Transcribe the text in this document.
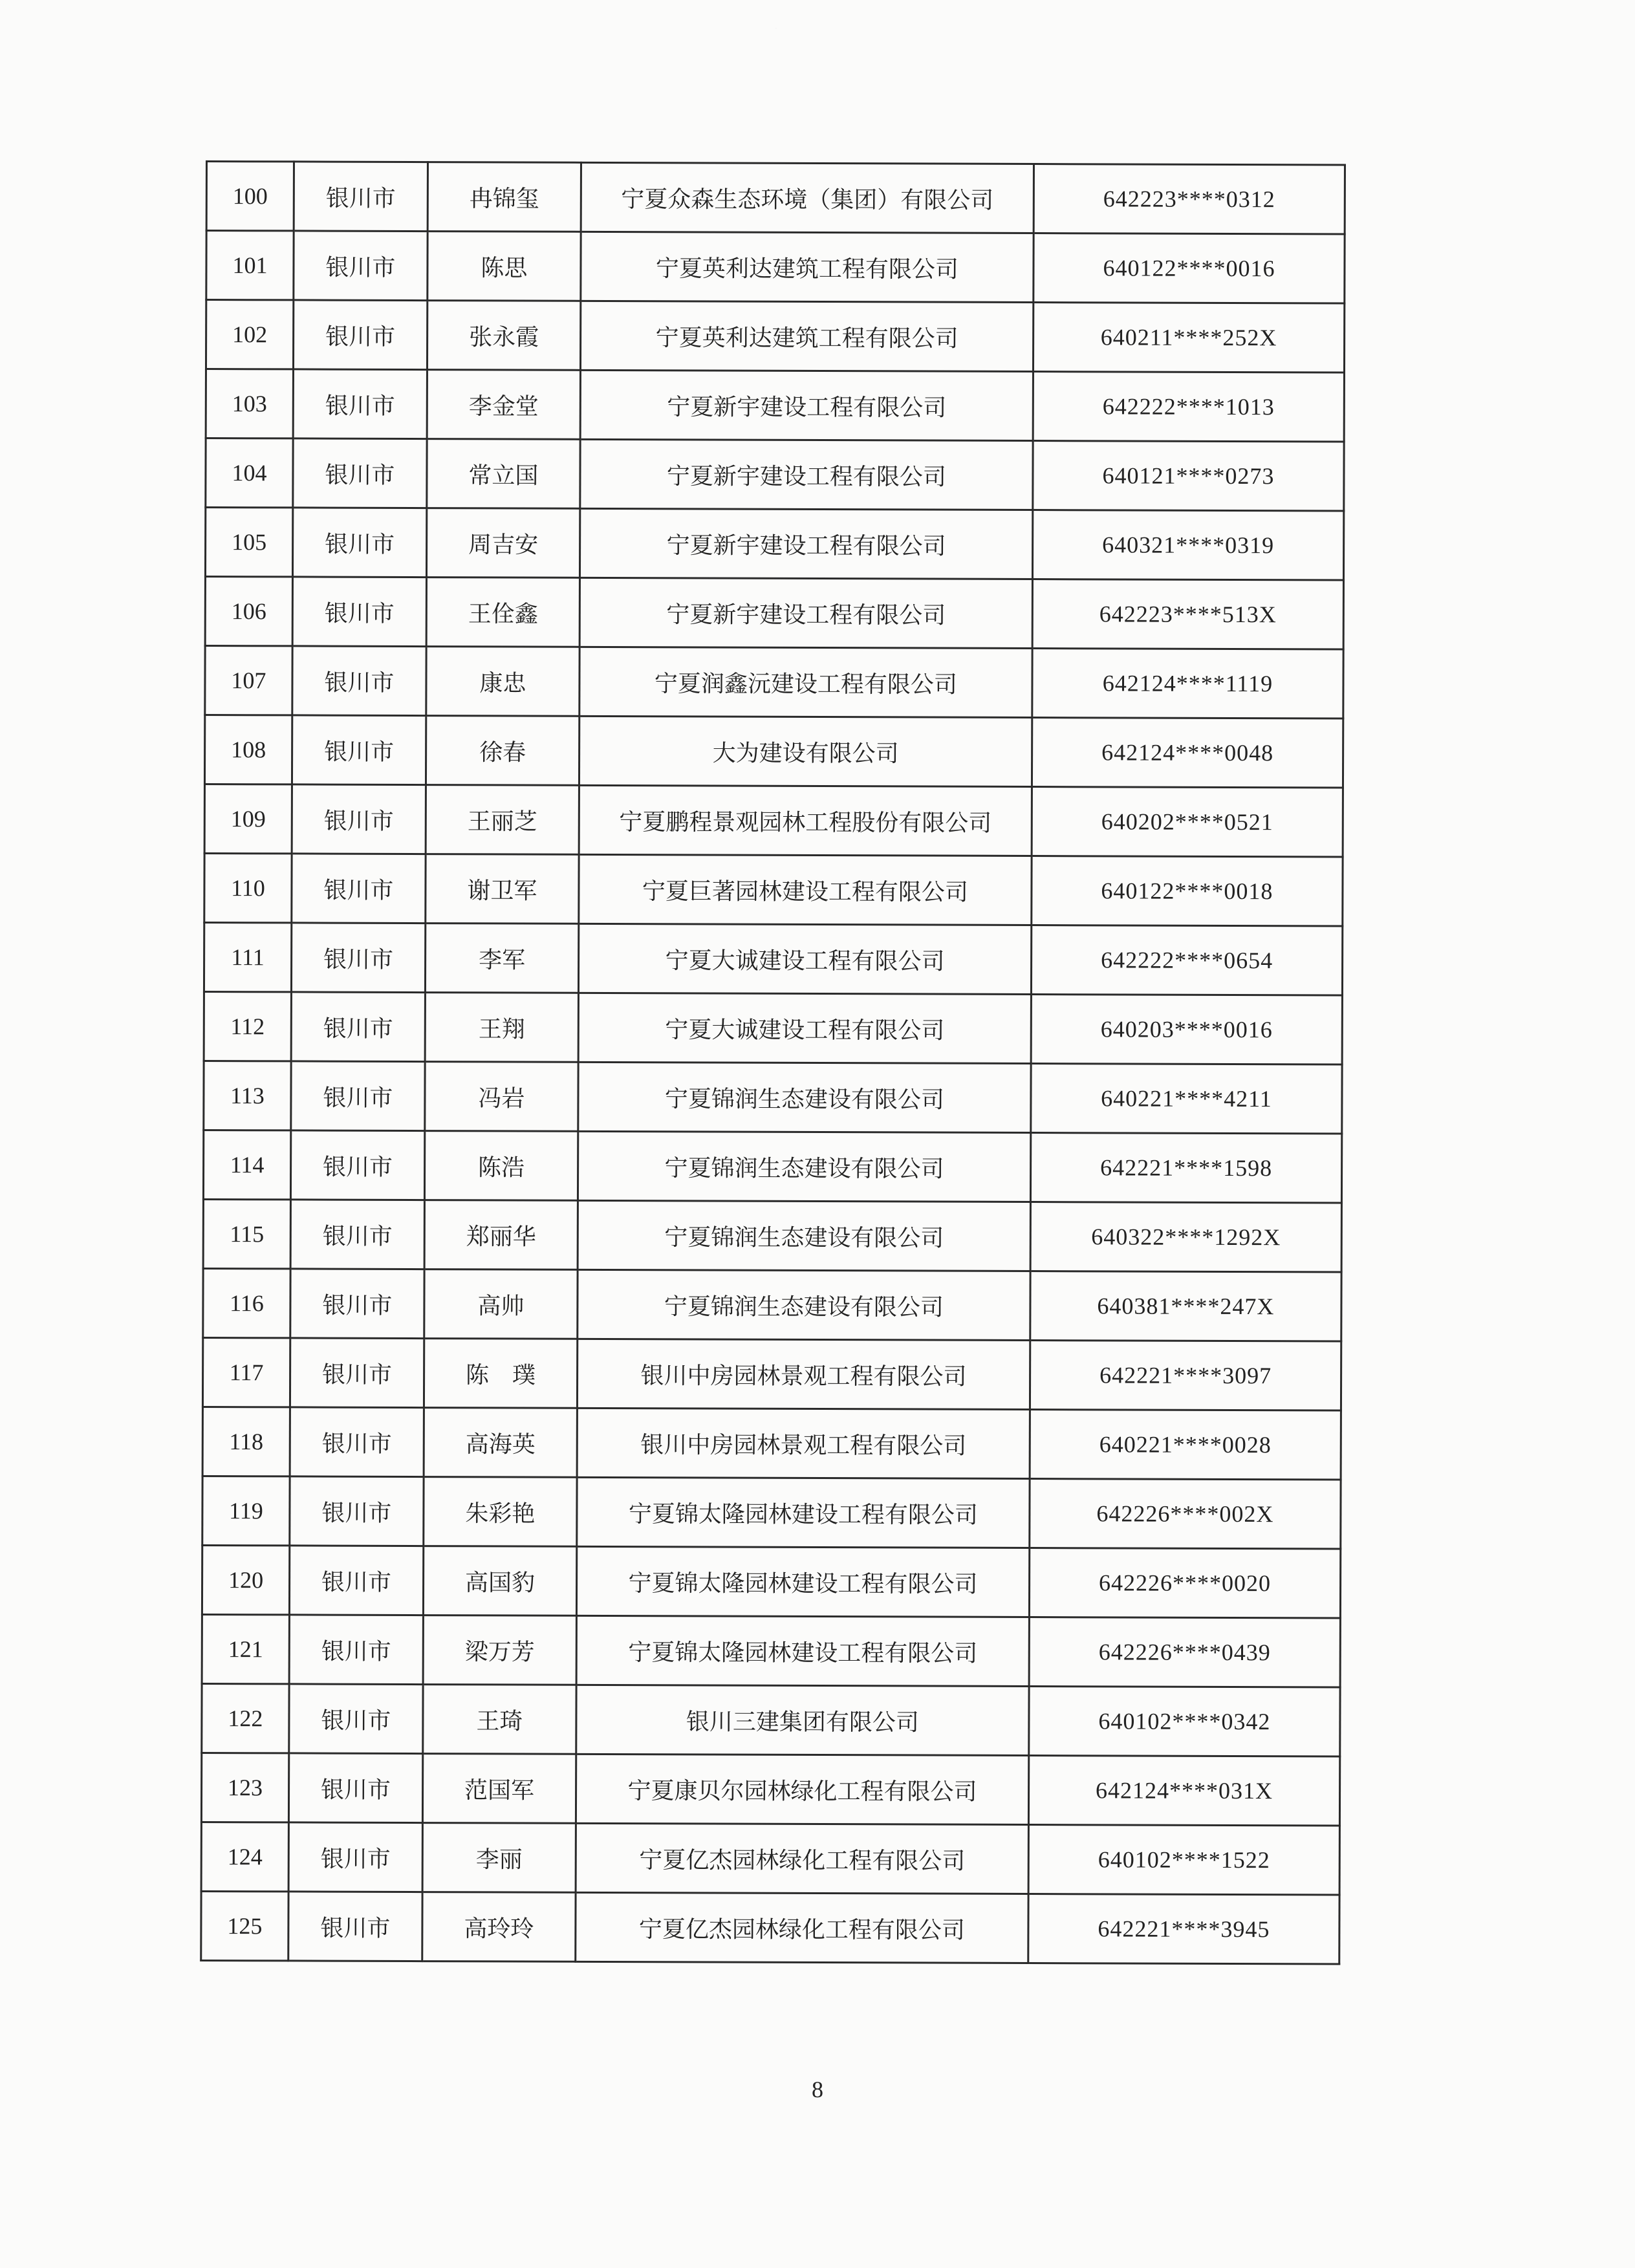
100	银川市	冉锦玺	宁夏众森生态环境（集团）有限公司	642223****0312
101	银川市	陈思	宁夏英利达建筑工程有限公司	640122****0016
102	银川市	张永霞	宁夏英利达建筑工程有限公司	640211****252X
103	银川市	李金堂	宁夏新宇建设工程有限公司	642222****1013
104	银川市	常立国	宁夏新宇建设工程有限公司	640121****0273
105	银川市	周吉安	宁夏新宇建设工程有限公司	640321****0319
106	银川市	王佺鑫	宁夏新宇建设工程有限公司	642223****513X
107	银川市	康忠	宁夏润鑫沅建设工程有限公司	642124****1119
108	银川市	徐春	大为建设有限公司	642124****0048
109	银川市	王丽芝	宁夏鹏程景观园林工程股份有限公司	640202****0521
110	银川市	谢卫军	宁夏巨著园林建设工程有限公司	640122****0018
111	银川市	李军	宁夏大诚建设工程有限公司	642222****0654
112	银川市	王翔	宁夏大诚建设工程有限公司	640203****0016
113	银川市	冯岩	宁夏锦润生态建设有限公司	640221****4211
114	银川市	陈浩	宁夏锦润生态建设有限公司	642221****1598
115	银川市	郑丽华	宁夏锦润生态建设有限公司	640322****1292X
116	银川市	高帅	宁夏锦润生态建设有限公司	640381****247X
117	银川市	陈　璞	银川中房园林景观工程有限公司	642221****3097
118	银川市	高海英	银川中房园林景观工程有限公司	640221****0028
119	银川市	朱彩艳	宁夏锦太隆园林建设工程有限公司	642226****002X
120	银川市	高国豹	宁夏锦太隆园林建设工程有限公司	642226****0020
121	银川市	梁万芳	宁夏锦太隆园林建设工程有限公司	642226****0439
122	银川市	王琦	银川三建集团有限公司	640102****0342
123	银川市	范国军	宁夏康贝尔园林绿化工程有限公司	642124****031X
124	银川市	李丽	宁夏亿杰园林绿化工程有限公司	640102****1522
125	银川市	高玲玲	宁夏亿杰园林绿化工程有限公司	642221****3945
8
